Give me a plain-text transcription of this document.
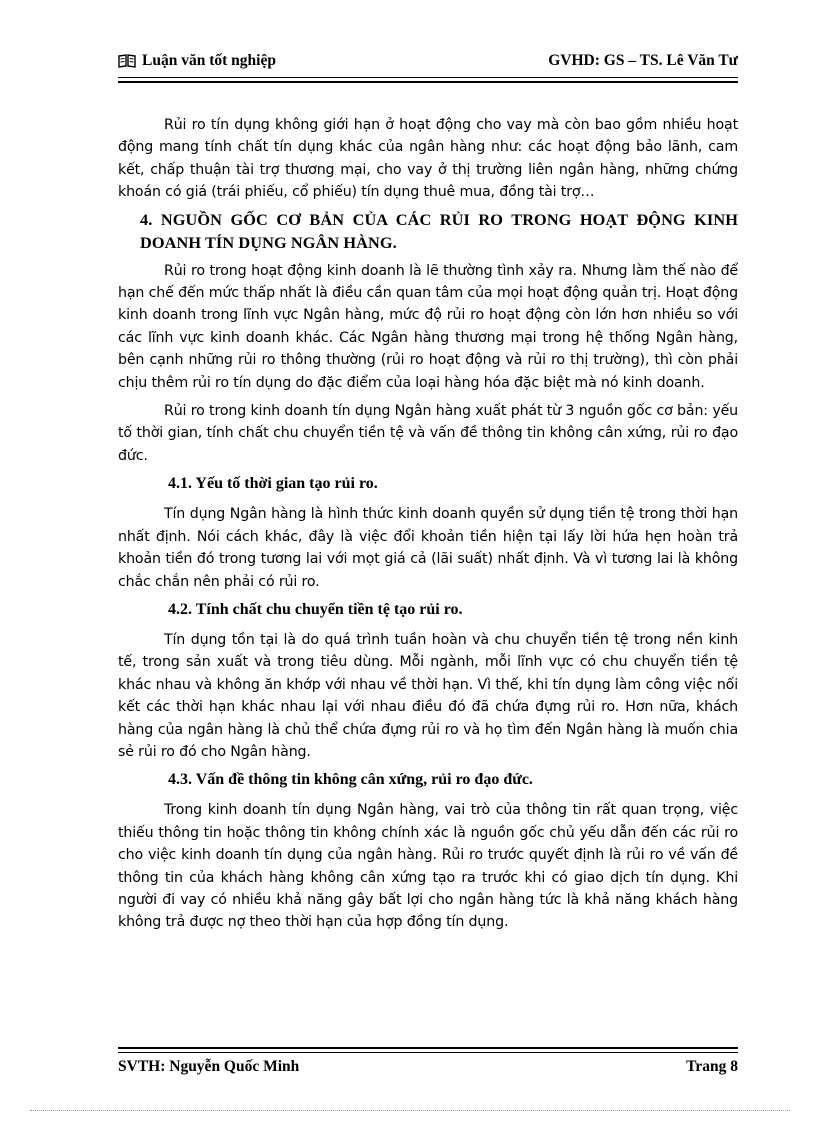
Luận văn tốt nghiệp	GVHD: GS – TS. Lê Văn Tư

Rủi ro tín dụng không giới hạn ở hoạt động cho vay mà còn bao gồm nhiều hoạt động mang tính chất tín dụng khác của ngân hàng như: các hoạt động bảo lãnh, cam kết, chấp thuận tài trợ thương mại, cho vay ở thị trường liên ngân hàng, những chứng khoán có giá (trái phiếu, cổ phiếu) tín dụng thuê mua, đồng tài trợ…

4. NGUỒN GỐC CƠ BẢN CỦA CÁC RỦI RO TRONG HOẠT ĐỘNG KINH DOANH TÍN DỤNG NGÂN HÀNG.

Rủi ro trong hoạt động kinh doanh là lẽ thường tình xảy ra. Nhưng làm thế nào để hạn chế đến mức thấp nhất là điều cần quan tâm của mọi hoạt động quản trị. Hoạt động kinh doanh trong lĩnh vực Ngân hàng, mức độ rủi ro hoạt động còn lớn hơn nhiều so với các lĩnh vực kinh doanh khác. Các Ngân hàng thương mại trong hệ thống Ngân hàng, bên cạnh những rủi ro thông thường (rủi ro hoạt động và rủi ro thị trường), thì còn phải chịu thêm rủi ro tín dụng do đặc điểm của loại hàng hóa đặc biệt mà nó kinh doanh.

Rủi ro trong kinh doanh tín dụng Ngân hàng xuất phát từ 3 nguồn gốc cơ bản: yếu tố thời gian, tính chất chu chuyển tiền tệ và vấn đề thông tin không cân xứng, rủi ro đạo đức.

4.1. Yếu tố thời gian tạo rủi ro.

Tín dụng Ngân hàng là hình thức kinh doanh quyền sử dụng tiền tệ trong thời hạn nhất định. Nói cách khác, đây là việc đổi khoản tiền hiện tại lấy lời hứa hẹn hoàn trả khoản tiền đó trong tương lai với mọt giá cả (lãi suất) nhất định. Và vì tương lai là không chắc chắn nên phải có rủi ro.

4.2. Tính chất chu chuyển tiền tệ tạo rủi ro.

Tín dụng tồn tại là do quá trình tuần hoàn và chu chuyển tiền tệ trong nền kinh tế, trong sản xuất và trong tiêu dùng. Mỗi ngành, mỗi lĩnh vực có chu chuyển tiền tệ khác nhau và không ăn khớp với nhau về thời hạn. Vì thế, khi tín dụng làm công việc nối kết các thời hạn khác nhau lại với nhau điều đó đã chứa đựng rủi ro. Hơn nữa, khách hàng của ngân hàng là chủ thể chứa đựng rủi ro và họ tìm đến Ngân hàng là muốn chia sẻ rủi ro đó cho Ngân hàng.

4.3. Vấn đề thông tin không cân xứng, rủi ro đạo đức.

Trong kinh doanh tín dụng Ngân hàng, vai trò của thông tin rất quan trọng, việc thiếu thông tin hoặc thông tin không chính xác là nguồn gốc chủ yếu dẫn đến các rủi ro cho việc kinh doanh tín dụng của ngân hàng. Rủi ro trước quyết định là rủi ro về vấn đề thông tin của khách hàng không cân xứng tạo ra trước khi có giao dịch tín dụng. Khi người đi vay có nhiều khả năng gây bất lợi cho ngân hàng tức là khả năng khách hàng không trả được nợ theo thời hạn của hợp đồng tín dụng.

SVTH: Nguyễn Quốc Minh	Trang 8
